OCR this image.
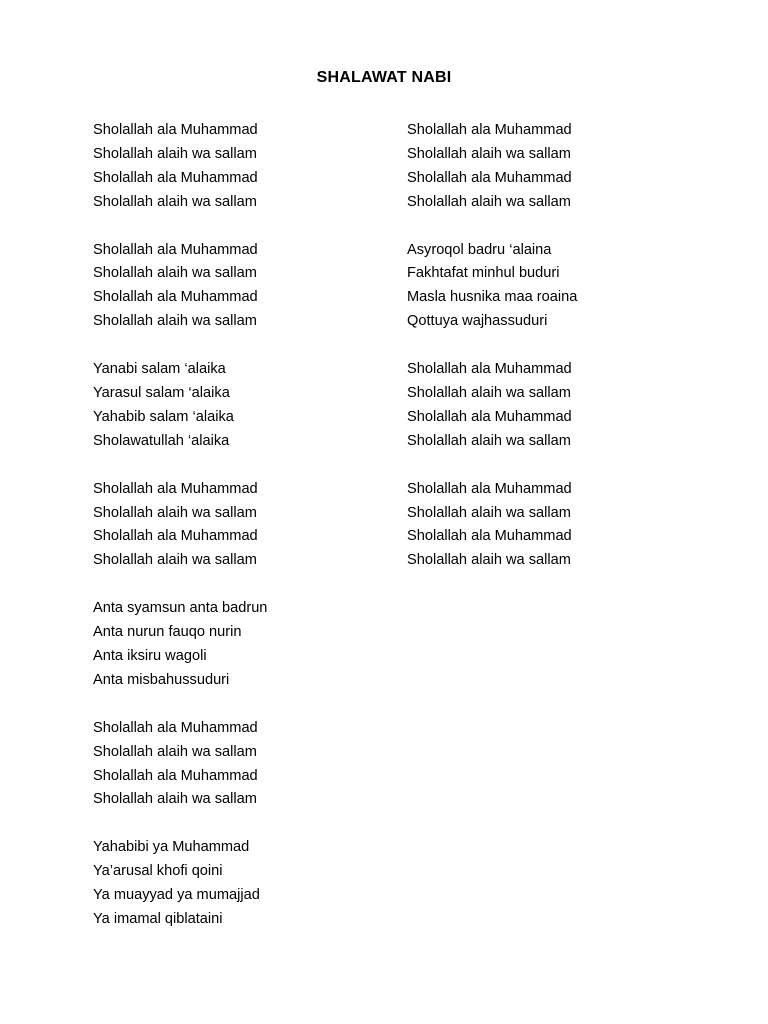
SHALAWAT NABI
Sholallah ala Muhammad
Sholallah alaih wa sallam
Sholallah ala Muhammad
Sholallah alaih wa sallam
Sholallah ala Muhammad
Sholallah alaih wa sallam
Sholallah ala Muhammad
Sholallah alaih wa sallam
Yanabi salam ‘alaika
Yarasul salam ‘alaika
Yahabib salam ‘alaika
Sholawatullah ‘alaika
Sholallah ala Muhammad
Sholallah alaih wa sallam
Sholallah ala Muhammad
Sholallah alaih wa sallam
Anta syamsun anta badrun
Anta nurun fauqo nurin
Anta iksiru wagoli
Anta misbahussuduri
Sholallah ala Muhammad
Sholallah alaih wa sallam
Sholallah ala Muhammad
Sholallah alaih wa sallam
Yahabibi ya Muhammad
Ya’arusal khofi qoini
Ya muayyad ya mumajjad
Ya imamal qiblataini
Sholallah ala Muhammad
Sholallah alaih wa sallam
Sholallah ala Muhammad
Sholallah alaih wa sallam
Asyroqol badru ‘alaina
Fakhtafat minhul buduri
Masla husnika maa roaina
Qottuya wajhassuduri
Sholallah ala Muhammad
Sholallah alaih wa sallam
Sholallah ala Muhammad
Sholallah alaih wa sallam
Sholallah ala Muhammad
Sholallah alaih wa sallam
Sholallah ala Muhammad
Sholallah alaih wa sallam
